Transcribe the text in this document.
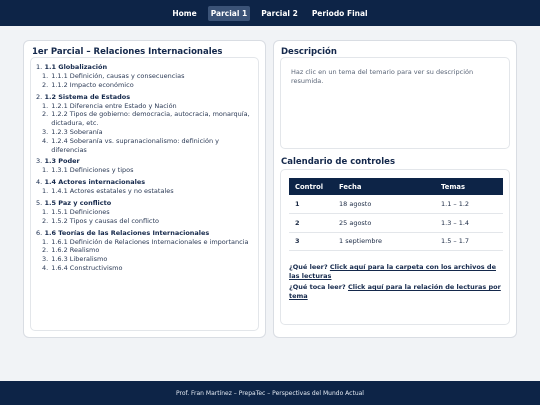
Home	Parcial 1	Parcial 2	Periodo Final
1er Parcial – Relaciones Internacionales
1. 1.1 Globalización
1. 1.1.1 Definición, causas y consecuencias
2. 1.1.2 Impacto económico
2. 1.2 Sistema de Estados
1. 1.2.1 Diferencia entre Estado y Nación
2. 1.2.2 Tipos de gobierno: democracia, autocracia, monarquía, dictadura, etc.
3. 1.2.3 Soberanía
4. 1.2.4 Soberanía vs. supranacionalismo: definición y diferencias
3. 1.3 Poder
1. 1.3.1 Definiciones y tipos
4. 1.4 Actores internacionales
1. 1.4.1 Actores estatales y no estatales
5. 1.5 Paz y conflicto
1. 1.5.1 Definiciones
2. 1.5.2 Tipos y causas del conflicto
6. 1.6 Teorías de las Relaciones Internacionales
1. 1.6.1 Definición de Relaciones Internacionales e importancia
2. 1.6.2 Realismo
3. 1.6.3 Liberalismo
4. 1.6.4 Constructivismo
Descripción
Haz clic en un tema del temario para ver su descripción resumida.
Calendario de controles
Control	Fecha	Temas
1	18 agosto	1.1 – 1.2
2	25 agosto	1.3 – 1.4
3	1 septiembre	1.5 – 1.7
¿Qué leer? Click aquí para la carpeta con los archivos de las lecturas
¿Qué toca leer? Click aquí para la relación de lecturas por tema
Prof. Fran Martínez – PrepaTec – Perspectivas del Mundo Actual
